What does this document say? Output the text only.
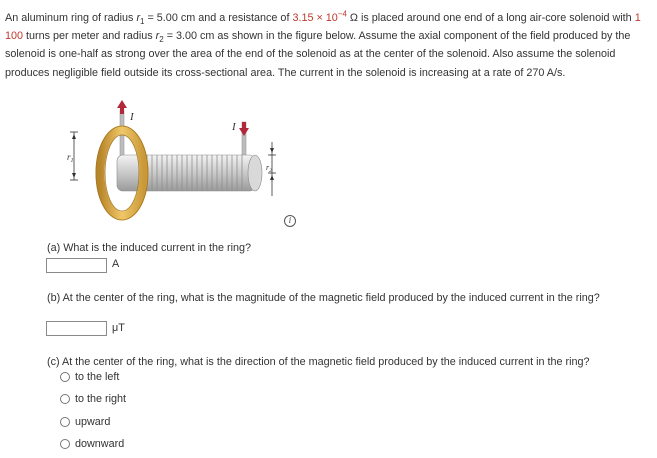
An aluminum ring of radius $r_1 = 5.00$ cm and a resistance of $3.15 \times 10^{-4}$ Ω is placed around one end of a long air-core solenoid with 1 100 turns per meter and radius $r_2 = 3.00$ cm as shown in the figure below. Assume the axial component of the field produced by the solenoid is one-half as strong over the area of the end of the solenoid as at the center of the solenoid. Also assume the solenoid produces negligible field outside its cross-sectional area. The current in the solenoid is increasing at a rate of 270 A/s.
I
I
$r_1$
$r_2$
i
(a) What is the induced current in the ring?
A
(b) At the center of the ring, what is the magnitude of the magnetic field produced by the induced current in the ring?
μT
(c) At the center of the ring, what is the direction of the magnetic field produced by the induced current in the ring?
to the left
to the right
upward
downward
